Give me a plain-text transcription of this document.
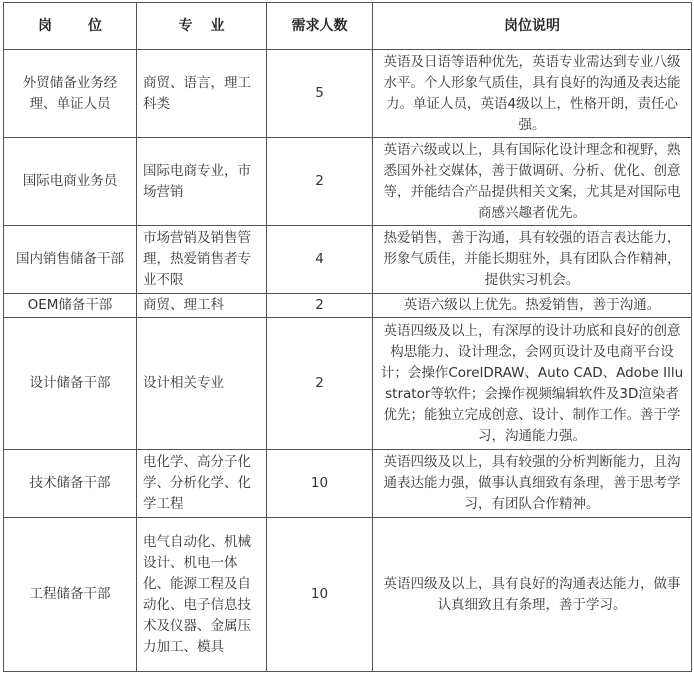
岗位	专业	需求人数	岗位说明
外贸储备业务经理、单证人员	商贸、语言，理工科类	5	英语及日语等语种优先，英语专业需达到专业八级水平。个人形象气质佳，具有良好的沟通及表达能力。单证人员，英语4级以上，性格开朗，责任心强。
国际电商业务员	国际电商专业，市场营销	2	英语六级或以上，具有国际化设计理念和视野，熟悉国外社交媒体，善于做调研、分析、优化、创意等，并能结合产品提供相关文案，尤其是对国际电商感兴趣者优先。
国内销售储备干部	市场营销及销售管理，热爱销售者专业不限	4	热爱销售，善于沟通，具有较强的语言表达能力，形象气质佳，并能长期驻外，具有团队合作精神，提供实习机会。
OEM储备干部	商贸、理工科	2	英语六级以上优先。热爱销售，善于沟通。
设计储备干部	设计相关专业	2	英语四级及以上，有深厚的设计功底和良好的创意构思能力、设计理念，会网页设计及电商平台设计；会操作CorelDRAW、Auto CAD、Adobe Illustrator等软件；会操作视频编辑软件及3D渲染者优先；能独立完成创意、设计、制作工作。善于学习，沟通能力强。
技术储备干部	电化学、高分子化学、分析化学、化学工程	10	英语四级及以上，具有较强的分析判断能力，且沟通表达能力强，做事认真细致有条理，善于思考学习，有团队合作精神。
工程储备干部	电气自动化、机械设计、机电一体化、能源工程及自动化、电子信息技术及仪器、金属压力加工、模具	10	英语四级及以上，具有良好的沟通表达能力，做事认真细致且有条理，善于学习。
